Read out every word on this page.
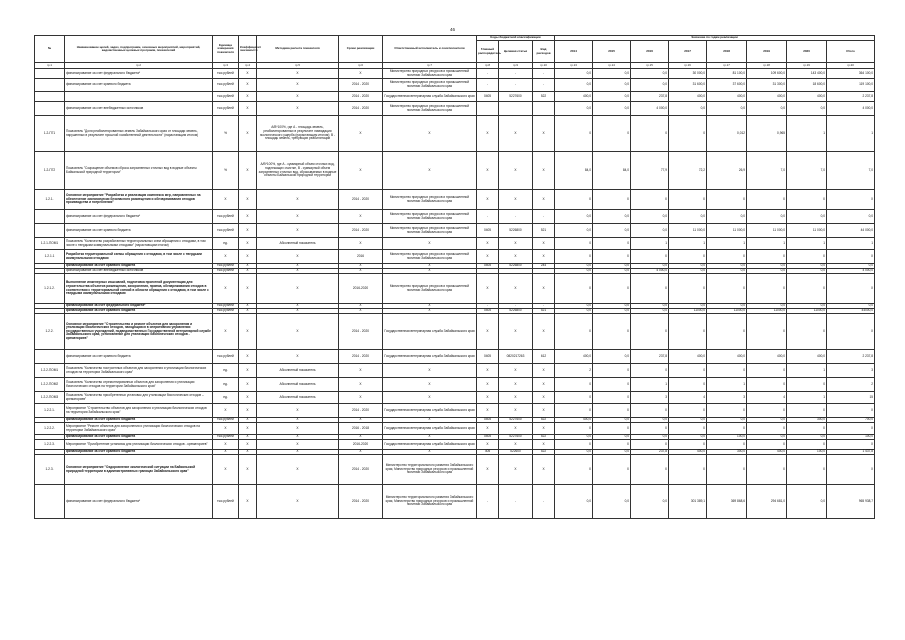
46
№	Наименование целей, задач, подпрограмм, основных мероприятий, мероприятий, ведомственных целевых программ, показателей	Единица измерения показателя	Коэффициент значимости	Методика расчета показателя	Сроки реализации	Ответственный исполнитель и соисполнители	Коды бюджетной классификации			Значение по годам реализации							
							Главный распорядитель	Целевая статья	Вид расходов	2014	2015	2016	2017	2018	2019	2020	Итого
гр.1	гр.2	гр.3	гр.4	гр.5	гр.6	гр.7	гр.8	гр.9	гр.10	гр.13	гр.14	гр.15	гр.16	гр.17	гр.18	гр.19	гр.20
	финансирование за счет федерального бюджета*	тыс.рублей	Х	Х	Х	Министерство природных ресурсов и промышленной политики Забайкальского края	-	-	-	0,0	0,0	0,0	30 000,0	81 100,0	109 600,0	143 400,0	364 100,0
	финансирование за счет краевого бюджета	тыс.рублей	Х	Х	2014 - 2020	Министерство природных ресурсов и промышленной политики Забайкальского края	-	-	-	0,0	0,0	0,0	31 600,0	37 600,0	31 300,0	18 600,0	119 100,0
		тыс.рублей	Х	Х	2014 - 2020	Государственная ветеринарная служба Забайкальского края	0405	5227600	522	400,0	0,0	237,8	400,0	400,0	400,0	400,0	2 237,8
	финансирование за счет внебюджетных источников	тыс.рублей	Х	Х	2014 - 2020	Министерство природных ресурсов и промышленной политики Забайкальского края				0,0	0,0	4 000,0	0,0	0,0	0,0	0,0	4 000,0
1.2-П71	Показатель "Доля реабилитированных земель Забайкальского края от площади земель, нарушенных в результате прошлой хозяйственной деятельности" (нарастающим итогом)	%	Х	А/В*100%, где А - площадь земель, реабилитированных в результате ликвидации экологического ущерба (нарастающим итогом); В - площадь земель, требующих реабилитации	Х	Х	Х	Х	Х	0	0	0	0	0,012	0,965	1	1
1.2-П72	Показатель "Сокращение объемов сброса загрязненных сточных вод в водные объекты Байкальской природной территории"	%	Х	А/В*100%, где А - суммарный объем сточных вод, подлежащих очистке, В - суммарный объем загрязненных сточных вод, сбрасываемых в водные объекты Байкальской природной территории	Х	Х	Х	Х	Х	84,0	84,0	77,9	72,2	26,9	7,0	7,0	7,0
1.2.1.	Основное мероприятие "Разработка и реализация комплекса мер, направленных на обеспечение экономически безопасного размещения и обезвреживания отходов производства и потребления"	Х	Х	Х	2014 - 2020	Министерство природных ресурсов и промышленной политики Забайкальского края	Х	Х	Х	Х	Х	Х	Х	Х	Х	Х	Х
	финансирование за счет федерального бюджета*	тыс.рублей	Х	Х	Х	Министерство природных ресурсов и промышленной политики Забайкальского края	-	-	-	0,0	0,0	0,0	0,0	0,0	0,0	0,0	0,0
	финансирование за счет краевого бюджета	тыс.рублей	Х	Х	2014 - 2020	Министерство природных ресурсов и промышленной политики Забайкальского края	0405	5226800	521	0,0	0,0	0,0	11 000,0	11 000,0	11 000,0	11 000,0	44 000,0
1.2.1-ПОМ1	Показатель "Количество разработанных территориальных схем обращения с отходами, в том числе с твердыми коммунальными отходами" (нарастающим итогом)	ед.	Х	Абсолютный показатель	Х	Х	Х	Х	Х	0	0	1	1	1	1	1	1
1.2.1.1	Разработка территориальной схемы обращения с отходами, в том числе с твердыми коммунальными отходами	Х	Х	Х	2016	Министерство природных ресурсов и промышленной политики Забайкальского края	Х	Х	Х	Х	Х	Х	Х	Х	Х	Х	Х
	финансирование за счет краевого бюджета	тыс.рублей	Х	Х	Х	Х	0405	5226800	244	0,0	0,0	0,0	0,0	0,0	0,0	0,0	0,0
	финансирование за счет внебюджетных источников	тыс.рублей	Х	Х	Х	Х				0,0	0,0	4 000,0	0,0	0,0	0,0	0,0	4 000,0
1.2.1.2.	Выполнение инженерных изысканий, подготовка проектной документации для строительства объектов размещения, захоронения, приема, обезвреживания отходов в соответствии с территориальной схемой в области обращения с отходами, в том числе с твердыми коммунальными отходами	Х	Х	Х	2016-2020	Министерство природных ресурсов и промышленной политики Забайкальского края	Х	Х	Х	Х	Х	Х	Х	Х	Х	Х	Х
	финансирование за счет федерального бюджета*	тыс.рублей	Х	Х	Х	Х	-	-	-	0,0	0,0	0,0	0,0	0,0	0,0	0,0	0,0
	финансирование за счет краевого бюджета	тыс.рублей	Х	Х	Х	Х	0405	5226800	521	0,0	0,0	0,0	11000,0	11000,0	11000,0	11000,0	44000,0
1.2.2.	Основное мероприятие "Строительство и ремонт объектов для захоронения и утилизации биологических отходов, находящихся в оперативном управлении государственных учреждений, подведомственных Государственной ветеринарной службе Забайкальского края, установление для утилизации биологических отходов - крематориев"	Х	Х	Х	2014 - 2020	Государственная ветеринарная служба Забайкальского края	Х	Х	Х	Х	Х	Х	Х	Х	Х	Х	Х
	финансирование за счет краевого бюджета	тыс.рублей	Х	Х	2014 - 2020	Государственная ветеринарная служба Забайкальского края	0405	0820217263	612	400,0	0,0	237,8	400,0	400,0	400,0	400,0	2 237,8
1.2.2-ПОМ1	Показатель "Количество построенных объектов для захоронения и утилизации биологических отходов на территории Забайкальского края"	ед.	Х	Абсолютный показатель	Х	Х	Х	Х	Х	2	0	0	0	0	0	1	3
1.2.2-ПОМ2	Показатель "Количество отремонтированных объектов для захоронения и утилизации биологических отходов на территории Забайкальского края"	ед.	Х	Абсолютный показатель	Х	Х	Х	Х	Х	0	0	1	0	1	0	0	2
1.2.2-ПОМ3	Показатель "Количество приобретенных установок для утилизации биологических отходов – крематориев"	ед.	Х	Абсолютный показатель	Х	Х	Х	Х	Х	0	0	3	4	3	4	1	15
1.2.2.1.	Мероприятие "Строительство объектов для захоронения и утилизации биологических отходов на территории Забайкальского края"	Х	Х	Х	2014 - 2020	Государственная ветеринарная служба Забайкальского края	Х	Х	Х	Х	Х	Х	Х	Х	Х	Х	Х
	финансирование за счет краевого бюджета	тыс.рублей	Х	Х	Х	Х	0405	5227600	522	400,0	0,0	0,0	0,0	0,0	0,0	300,0	700,0
1.2.2.2.	Мероприятие "Ремонт объектов для захоронения и утилизации биологических отходов на территории Забайкальского края"	Х	Х	Х	2016 - 2018	Государственная ветеринарная служба Забайкальского края	Х	Х	Х	Х	Х	Х	Х	Х	Х	Х	Х
	финансирование за счет краевого бюджета	тыс.рублей	Х	Х	Х	Х	0405	5227600	522	0,0	0,0	0,0	0,0	100,0	0,0	0,0	100,0
1.2.2.3.	Мероприятие "Приобретение установок для утилизации биологических отходов - крематориев"	Х	Х	Х	2016-2020	Государственная ветеринарная служба Забайкальского края	Х	Х	Х	Х	Х	Х	Х	Х	Х	Х	Х
	финансирование за счет краевого бюджета	Х	Х	Х	Х	Х	405	522600	522	0,0	0,0	237,8	400,0	300,0	400,0	100,0	1 437,8
1.2.3.	Основное мероприятие "Оздоровление экологической ситуации на Байкальской природной территории в административных границах Забайкальского края"	Х	Х	Х	2014 - 2020	Министерство территориального развития Забайкальского края, Министерство природных ресурсов и промышленной политики Забайкальского края	Х	Х	Х	Х	Х	Х	Х	Х	Х	Х	Х
	финансирование за счет федерального бюджета*	тыс.рублей	Х	Х	2014 - 2020	Министерство территориального развития Забайкальского края, Министерство природных ресурсов и промышленной политики Забайкальского края	-	-	-	0,0	0,0	0,0	301 389,1	369 868,6	294 681,0	0,0	965 938,7
